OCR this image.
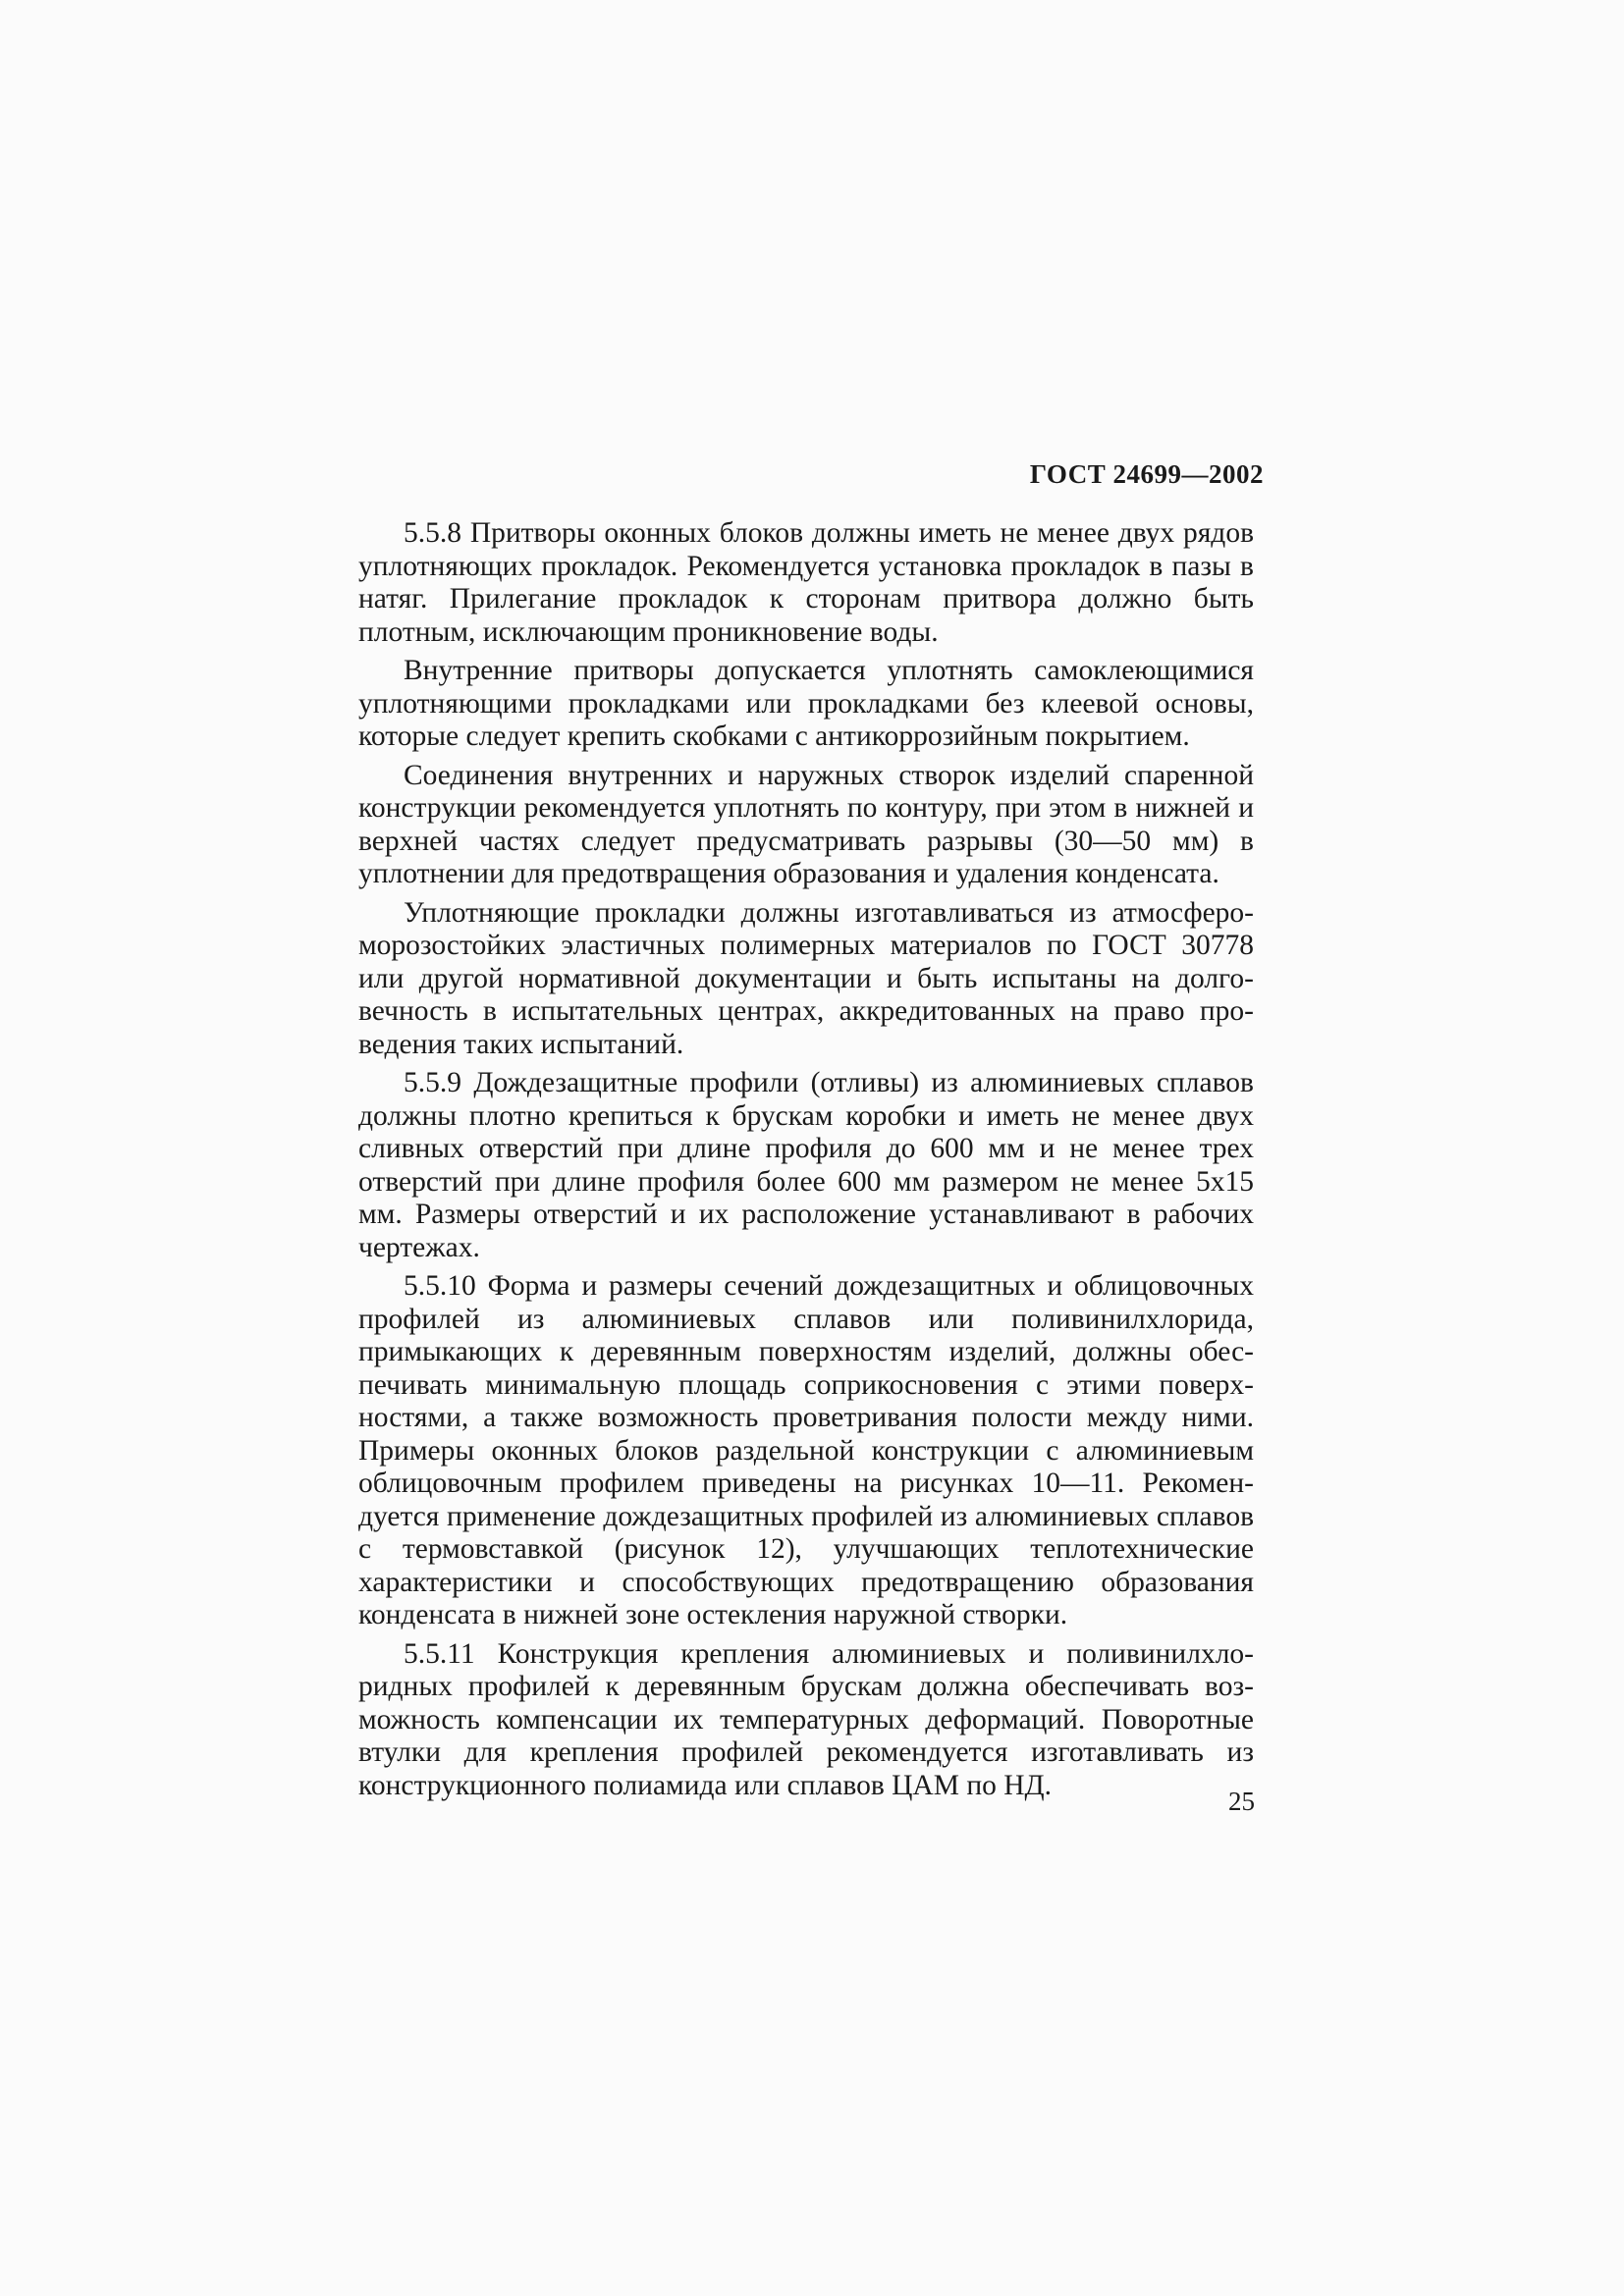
ГОСТ 24699—2002

5.5.8 Притворы оконных блоков должны иметь не менее двух рядов уплотняющих прокладок. Рекомендуется установка прокладок в пазы в натяг. Прилегание прокладок к сторонам притвора должно быть плотным, исключающим проникновение воды.

Внутренние притворы допускается уплотнять самоклеющимися уплотняющими прокладками или прокладками без клеевой основы, которые следует крепить скобками с антикоррозийным покрытием.

Соединения внутренних и наружных створок изделий спаренной конструкции рекомендуется уплотнять по контуру, при этом в нижней и верхней частях следует предусматривать разрывы (30—50 мм) в уплотнении для предотвращения образования и удаления конденсата.

Уплотняющие прокладки должны изготавливаться из атмосфероморозостойких эластичных полимерных материалов по ГОСТ 30778 или другой нормативной документации и быть испытаны на долговечность в испытательных центрах, аккредитованных на право проведения таких испытаний.

5.5.9 Дождезащитные профили (отливы) из алюминиевых сплавов должны плотно крепиться к брускам коробки и иметь не менее двух сливных отверстий при длине профиля до 600 мм и не менее трех отверстий при длине профиля более 600 мм размером не менее 5x15 мм. Размеры отверстий и их расположение устанавливают в рабочих чертежах.

5.5.10 Форма и размеры сечений дождезащитных и облицовочных профилей из алюминиевых сплавов или поливинилхлорида, примыкающих к деревянным поверхностям изделий, должны обеспечивать минимальную площадь соприкосновения с этими поверхностями, а также возможность проветривания полости между ними. Примеры оконных блоков раздельной конструкции с алюминиевым облицовочным профилем приведены на рисунках 10—11. Рекомендуется применение дождезащитных профилей из алюминиевых сплавов с термовставкой (рисунок 12), улучшающих теплотехнические характеристики и способствующих предотвращению образования конденсата в нижней зоне остекления наружной створки.

5.5.11 Конструкция крепления алюминиевых и поливинилхлоридных профилей к деревянным брускам должна обеспечивать возможность компенсации их температурных деформаций. Поворотные втулки для крепления профилей рекомендуется изготавливать из конструкционного полиамида или сплавов ЦАМ по НД.

25
